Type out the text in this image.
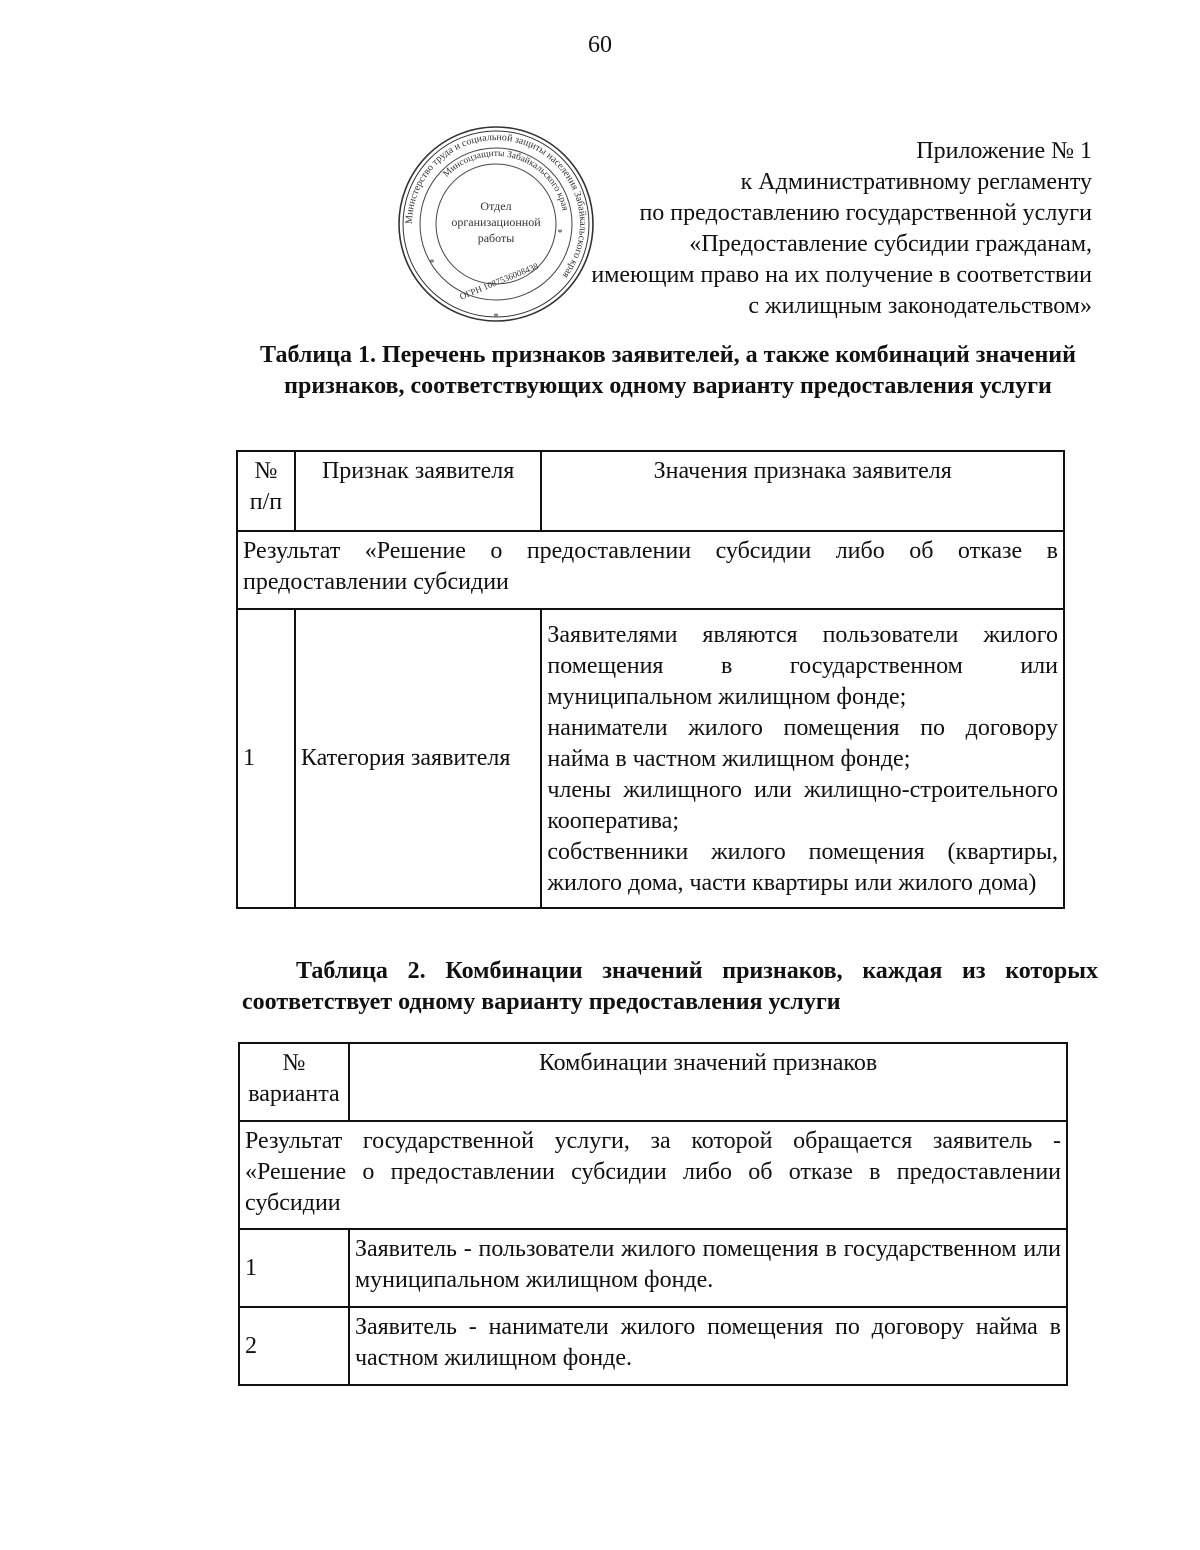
60
Министерство труда и социальной защиты населения Забайкальского края
Минсоцзащиты Забайкальского края
Отдел
организационной
работы
ОГРН 1087536008438
*
*
*
Приложение № 1
к Административному регламенту
по предоставлению государственной услуги
«Предоставление субсидии гражданам,
имеющим право на их получение в соответствии
с жилищным законодательством»
Таблица 1. Перечень признаков заявителей, а также комбинаций значений признаков, соответствующих одному варианту предоставления услуги
№ п/п	Признак заявителя	Значения признака заявителя
Результат «Решение о предоставлении субсидии либо об отказе в предоставлении субсидии		
1	Категория заявителя	Заявителями являются пользователи жилого помещения в государственном или муниципальном жилищном фонде;
наниматели жилого помещения по договору найма в частном жилищном фонде;
члены жилищного или жилищно-строительного кооператива;
собственники жилого помещения (квартиры, жилого дома, части квартиры или жилого дома)
Таблица 2. Комбинации значений признаков, каждая из которых соответствует одному варианту предоставления услуги
№ варианта	Комбинации значений признаков
Результат государственной услуги, за которой обращается заявитель - «Решение о предоставлении субсидии либо об отказе в предоставлении субсидии	
1	Заявитель - пользователи жилого помещения в государственном или муниципальном жилищном фонде.
2	Заявитель - наниматели жилого помещения по договору найма в частном жилищном фонде.
